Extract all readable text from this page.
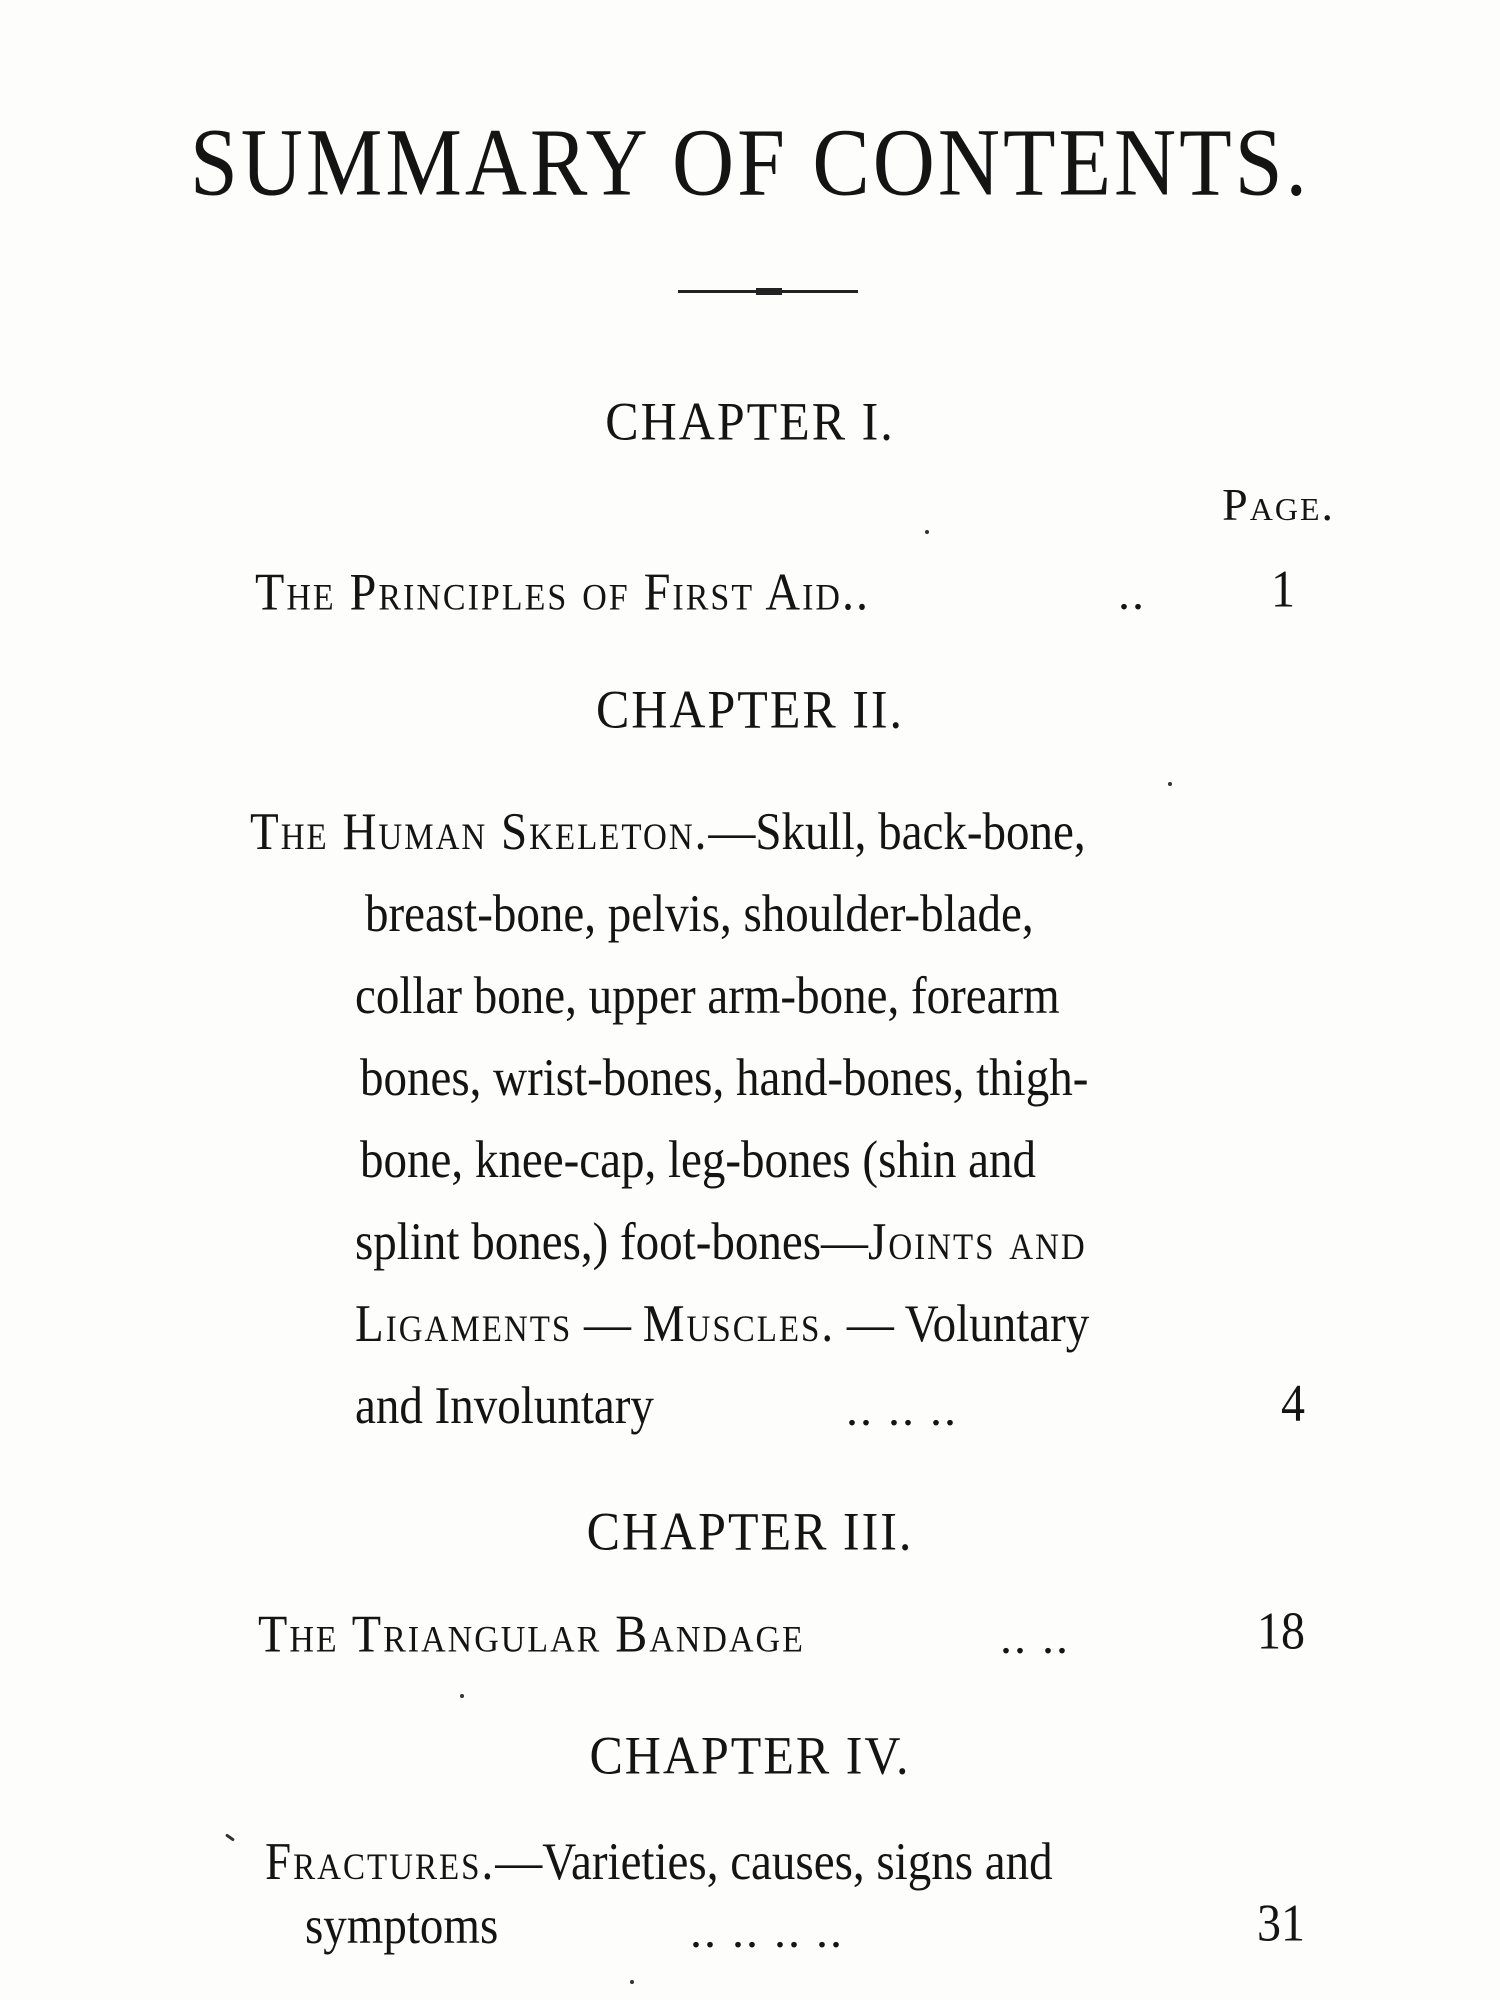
SUMMARY OF CONTENTS.
CHAPTER I.
Page.
The Principles of First Aid..	..	1
CHAPTER II.
The Human Skeleton.—Skull, back-bone,
breast-bone, pelvis, shoulder-blade,
collar bone, upper arm-bone, forearm
bones, wrist-bones, hand-bones, thigh-
bone, knee-cap, leg-bones (shin and
splint bones,) foot-bones—Joints and
Ligaments — Muscles. — Voluntary
and Involuntary	.. .. ..	4
CHAPTER III.
The Triangular Bandage	.. ..	18
CHAPTER IV.
Fractures.—Varieties, causes, signs and
symptoms	.. .. .. ..	31
